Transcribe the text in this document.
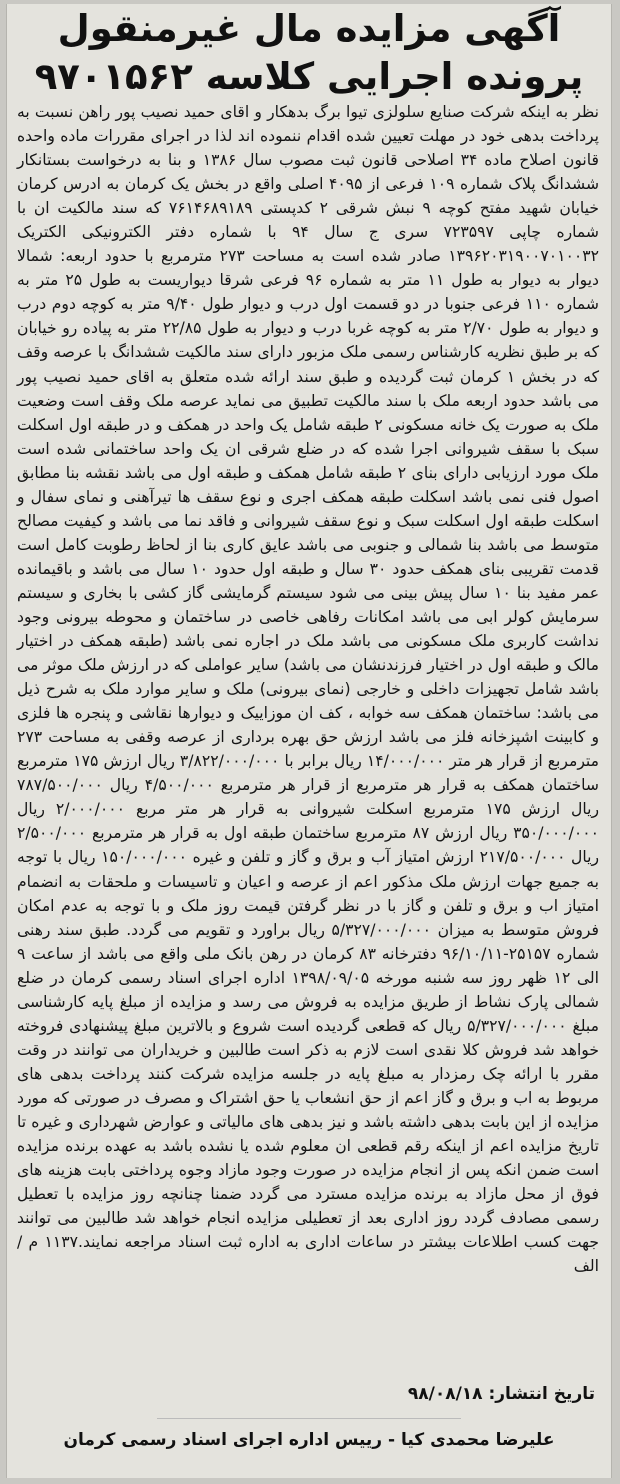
آگهی مزایده مال غیرمنقول
پرونده اجرایی کلاسه ۹۷۰۱۵۶۲

نظر به اینکه شرکت صنایع سلولزی تیوا برگ بدهکار و اقای حمید نصیب پور راهن نسبت به پرداخت بدهی خود در مهلت تعیین شده اقدام ننموده اند لذا در اجرای مقررات ماده واحده قانون اصلاح ماده ۳۴ اصلاحی قانون ثبت مصوب سال ۱۳۸۶ و بنا به درخواست بستانکار ششدانگ پلاک شماره ۱۰۹ فرعی از ۴۰۹۵ اصلی واقع در بخش یک کرمان به ادرس کرمان خیابان شهید مفتح کوچه ۹ نبش شرقی ۲ کدپستی ۷۶۱۴۶۸۹۱۸۹ که سند مالکیت ان با شماره چاپی ۷۲۳۵۹۷ سری ج سال ۹۴ با شماره دفتر الکترونیکی الکتریک ۱۳۹۶۲۰۳۱۹۰۰۷۰۱۰۰۳۲ صادر شده است به مساحت ۲۷۳ مترمربع با حدود اربعه: شمالا دیوار به دیوار به طول ۱۱ متر به شماره ۹۶ فرعی شرقا دیواریست به طول ۲۵ متر به شماره ۱۱۰ فرعی جنوبا در دو قسمت اول درب و دیوار طول ۹/۴۰ متر به کوچه دوم درب و دیوار به طول ۲/۷۰ متر به کوچه غربا درب و دیوار به طول ۲۲/۸۵ متر به پیاده رو خیابان که بر طبق نظریه کارشناس رسمی ملک مزبور دارای سند مالکیت ششدانگ با عرصه وقف که در بخش ۱ کرمان ثبت گردیده و طبق سند ارائه شده متعلق به اقای حمید نصیب پور می باشد حدود اربعه ملک با سند مالکیت تطبیق می نماید عرصه ملک وقف است وضعیت ملک به صورت یک خانه مسکونی ۲ طبقه شامل یک واحد در همکف و در طبقه اول اسکلت سبک با سقف شیروانی اجرا شده که در ضلع شرقی ان یک واحد ساختمانی شده است ملک مورد ارزیابی دارای بنای ۲ طبقه شامل همکف و طبقه اول می باشد نقشه بنا مطابق اصول فنی نمی باشد اسکلت طبقه همکف اجری و نوع سقف ها تیرآهنی و نمای سفال و اسکلت طبقه اول اسکلت سبک و نوع سقف شیروانی و فاقد نما می باشد و کیفیت مصالح متوسط می باشد بنا شمالی و جنوبی می باشد عایق کاری بنا از لحاظ رطوبت کامل است قدمت تقریبی بنای همکف حدود ۳۰ سال و طبقه اول حدود ۱۰ سال می باشد و باقیمانده عمر مفید بنا ۱۰ سال پیش بینی می شود سیستم گرمایشی گاز کشی با بخاری و سیستم سرمایش کولر ابی می باشد امکانات رفاهی خاصی در ساختمان و محوطه بیرونی وجود نداشت کاربری ملک مسکونی می باشد ملک در اجاره نمی باشد (طبقه همکف در اختیار مالک و طبقه اول در اختیار فرزندنشان می باشد) سایر عواملی که در ارزش ملک موثر می باشد شامل تجهیزات داخلی و خارجی (نمای بیرونی) ملک و سایر موارد ملک به شرح ذیل می باشد: ساختمان همکف سه خوابه ، کف ان موزاییک و دیوارها نقاشی و پنجره ها فلزی و کابینت اشپزخانه فلز می باشد ارزش حق بهره برداری از عرصه وقفی به مساحت ۲۷۳ مترمربع از قرار هر متر ۱۴/۰۰۰/۰۰۰ ریال برابر با ۳/۸۲۲/۰۰۰/۰۰۰ ریال ارزش ۱۷۵ مترمربع ساختمان همکف به قرار هر مترمربع از قرار هر مترمربع ۴/۵۰۰/۰۰۰ ریال ۷۸۷/۵۰۰/۰۰۰ ریال ارزش ۱۷۵ مترمربع اسکلت شیروانی به قرار هر متر مربع ۲/۰۰۰/۰۰۰ ریال ۳۵۰/۰۰۰/۰۰۰ ریال ارزش ۸۷ مترمربع ساختمان طبقه اول به قرار هر مترمربع ۲/۵۰۰/۰۰۰ ریال ۲۱۷/۵۰۰/۰۰۰ ارزش امتیاز آب و برق و گاز و تلفن و غیره ۱۵۰/۰۰۰/۰۰۰ ریال با توجه به جمیع جهات ارزش ملک مذکور اعم از عرصه و اعیان و تاسیسات و ملحقات به انضمام امتیاز اب و برق و تلفن و گاز با در نظر گرفتن قیمت روز ملک و با توجه به عدم امکان فروش متوسط به میزان ۵/۳۲۷/۰۰۰/۰۰۰ ریال براورد و تقویم می گردد. طبق سند رهنی شماره ۲۵۱۵۷-۹۶/۱۰/۱۱ دفترخانه ۸۳ کرمان در رهن بانک ملی واقع می باشد از ساعت ۹ الی ۱۲ ظهر روز سه شنبه مورخه ۱۳۹۸/۰۹/۰۵ اداره اجرای اسناد رسمی کرمان در ضلع شمالی پارک نشاط از طریق مزایده به فروش می رسد و مزایده از مبلغ پایه کارشناسی مبلغ ۵/۳۲۷/۰۰۰/۰۰۰ ریال که قطعی گردیده است شروع و بالاترین مبلغ پیشنهادی فروخته خواهد شد فروش کلا نقدی است لازم به ذکر است طالبین و خریداران می توانند در وقت مقرر با ارائه چک رمزدار به مبلغ پایه در جلسه مزایده شرکت کنند پرداخت بدهی های مربوط به اب و برق و گاز اعم از حق انشعاب یا حق اشتراک و مصرف در صورتی که مورد مزایده از این بابت بدهی داشته باشد و نیز بدهی های مالیاتی و عوارض شهرداری و غیره تا تاریخ مزایده اعم از اینکه رقم قطعی ان معلوم شده یا نشده باشد به عهده برنده مزایده است ضمن انکه پس از انجام مزایده در صورت وجود مازاد وجوه پرداختی بابت هزینه های فوق از محل مازاد به برنده مزایده مسترد می گردد ضمنا چنانچه روز مزایده با تعطیل رسمی مصادف گردد روز اداری بعد از تعطیلی مزایده انجام خواهد شد طالبین می توانند جهت کسب اطلاعات بیشتر در ساعات اداری به اداره ثبت اسناد مراجعه نمایند.۱۱۳۷ م / الف

تاریخ انتشار: ۹۸/۰۸/۱۸
علیرضا محمدی کیا - رییس اداره اجرای اسناد رسمی کرمان
